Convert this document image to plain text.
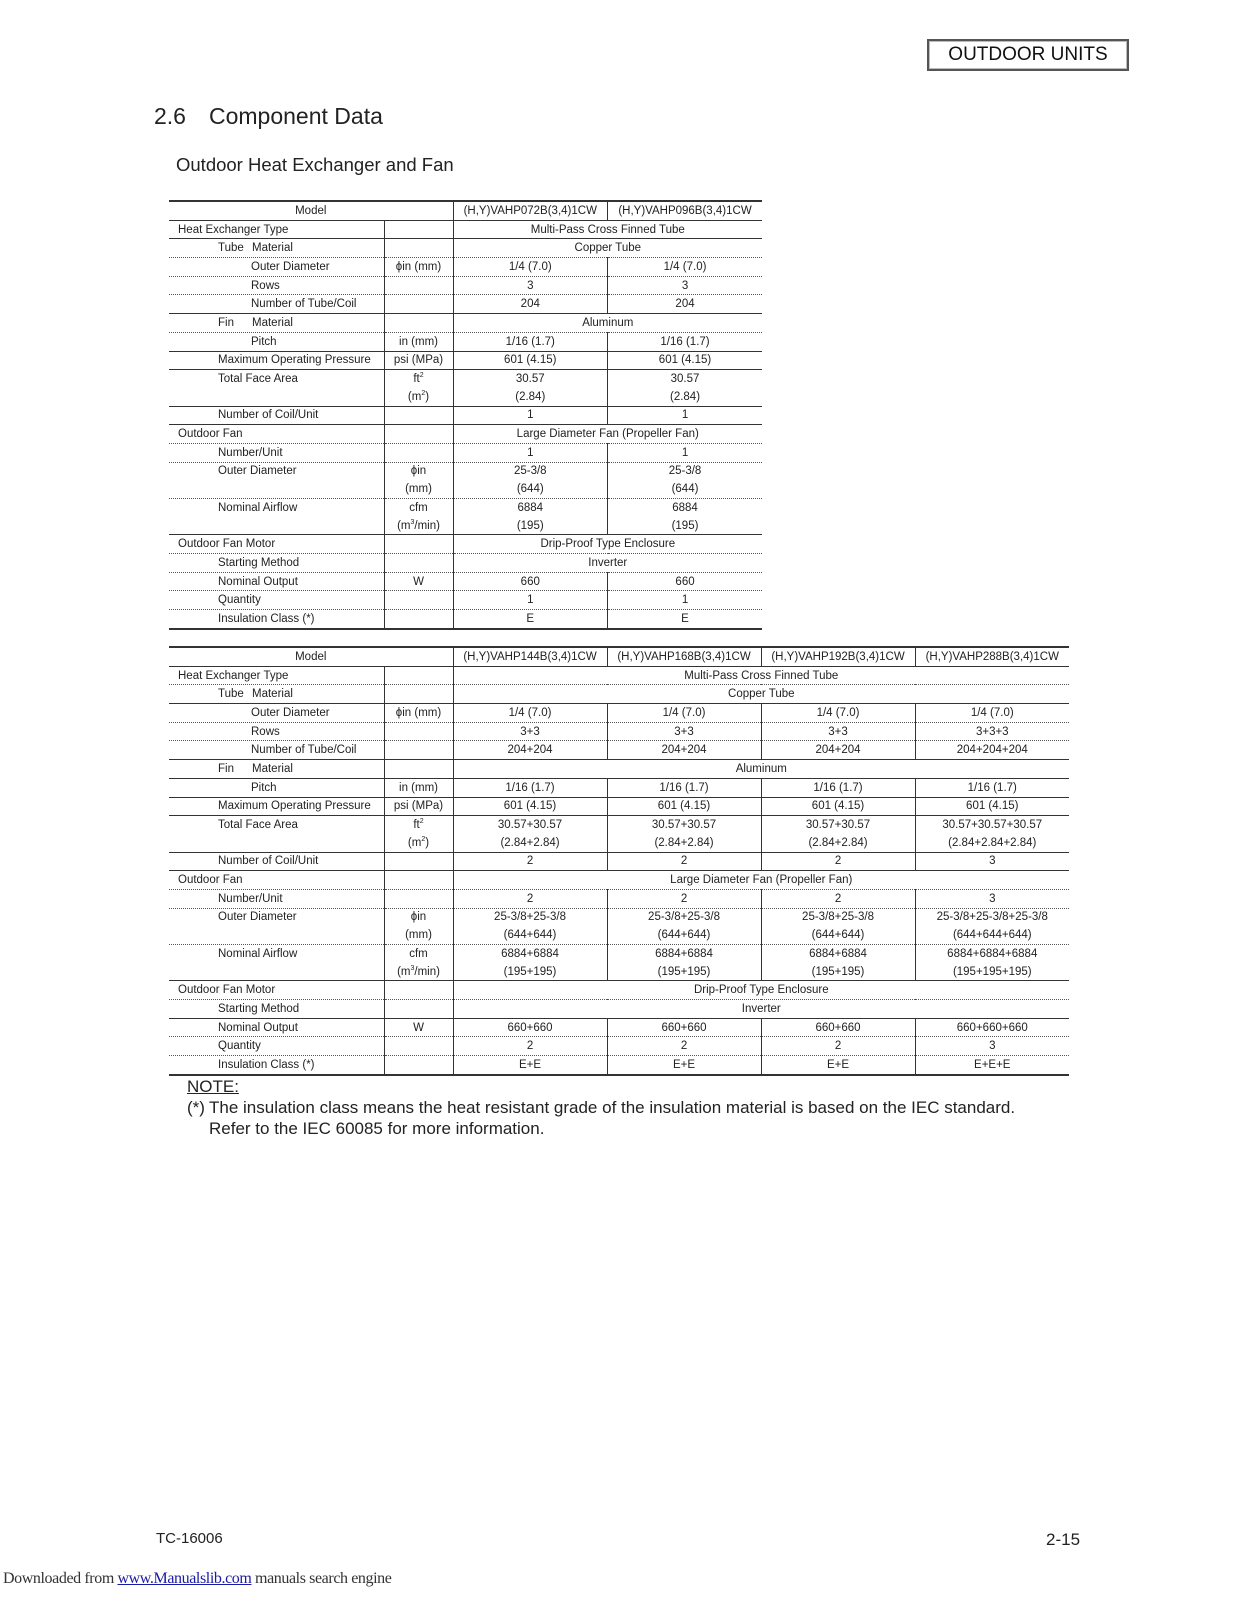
OUTDOOR UNITS
2.6 Component Data
Outdoor Heat Exchanger and Fan
Model		(H,Y)VAHP072B(3,4)1CW	(H,Y)VAHP096B(3,4)1CW
Heat Exchanger Type		Multi-Pass Cross Finned Tube	
Tube Material		Copper Tube	
Outer Diameter	ϕin (mm)	1/4 (7.0)	1/4 (7.0)
Rows		3	3
Number of Tube/Coil		204	204
Fin Material		Aluminum	
Pitch	in (mm)	1/16 (1.7)	1/16 (1.7)
Maximum Operating Pressure	psi (MPa)	601 (4.15)	601 (4.15)
Total Face Area	$ft^2$	30.57	30.57
	$(m^2)$	(2.84)	(2.84)
Number of Coil/Unit		1	1
Outdoor Fan		Large Diameter Fan (Propeller Fan)	
Number/Unit		1	1
Outer Diameter	ϕin	25-3/8	25-3/8
	(mm)	(644)	(644)
Nominal Airflow	cfm	6884	6884
	$(m^3/\min)$	(195)	(195)
Outdoor Fan Motor		Drip-Proof Type Enclosure	
Starting Method		Inverter	
Nominal Output	W	660	660
Quantity		1	1
Insulation Class (*)		E	E
Model		(H,Y)VAHP144B(3,4)1CW	(H,Y)VAHP168B(3,4)1CW	(H,Y)VAHP192B(3,4)1CW	(H,Y)VAHP288B(3,4)1CW
Heat Exchanger Type		Multi-Pass Cross Finned Tube			
Tube Material		Copper Tube			
Outer Diameter	ϕin (mm)	1/4 (7.0)	1/4 (7.0)	1/4 (7.0)	1/4 (7.0)
Rows		3+3	3+3	3+3	3+3+3
Number of Tube/Coil		204+204	204+204	204+204	204+204+204
Fin Material		Aluminum			
Pitch	in (mm)	1/16 (1.7)	1/16 (1.7)	1/16 (1.7)	1/16 (1.7)
Maximum Operating Pressure	psi (MPa)	601 (4.15)	601 (4.15)	601 (4.15)	601 (4.15)
Total Face Area	$ft^2$	30.57+30.57	30.57+30.57	30.57+30.57	30.57+30.57+30.57
	$(m^2)$	(2.84+2.84)	(2.84+2.84)	(2.84+2.84)	(2.84+2.84+2.84)
Number of Coil/Unit		2	2	2	3
Outdoor Fan		Large Diameter Fan (Propeller Fan)			
Number/Unit		2	2	2	3
Outer Diameter	ϕin	25-3/8+25-3/8	25-3/8+25-3/8	25-3/8+25-3/8	25-3/8+25-3/8+25-3/8
	(mm)	(644+644)	(644+644)	(644+644)	(644+644+644)
Nominal Airflow	cfm	6884+6884	6884+6884	6884+6884	6884+6884+6884
	$(m^3/\min)$	(195+195)	(195+195)	(195+195)	(195+195+195)
Outdoor Fan Motor		Drip-Proof Type Enclosure			
Starting Method		Inverter			
Nominal Output	W	660+660	660+660	660+660	660+660+660
Quantity		2	2	2	3
Insulation Class (*)		E+E	E+E	E+E	E+E+E
NOTE:
(*) The insulation class means the heat resistant grade of the insulation material is based on the IEC standard.
Refer to the IEC 60085 for more information.
TC-16006	2-15
Downloaded from www.Manualslib.com manuals search engine
